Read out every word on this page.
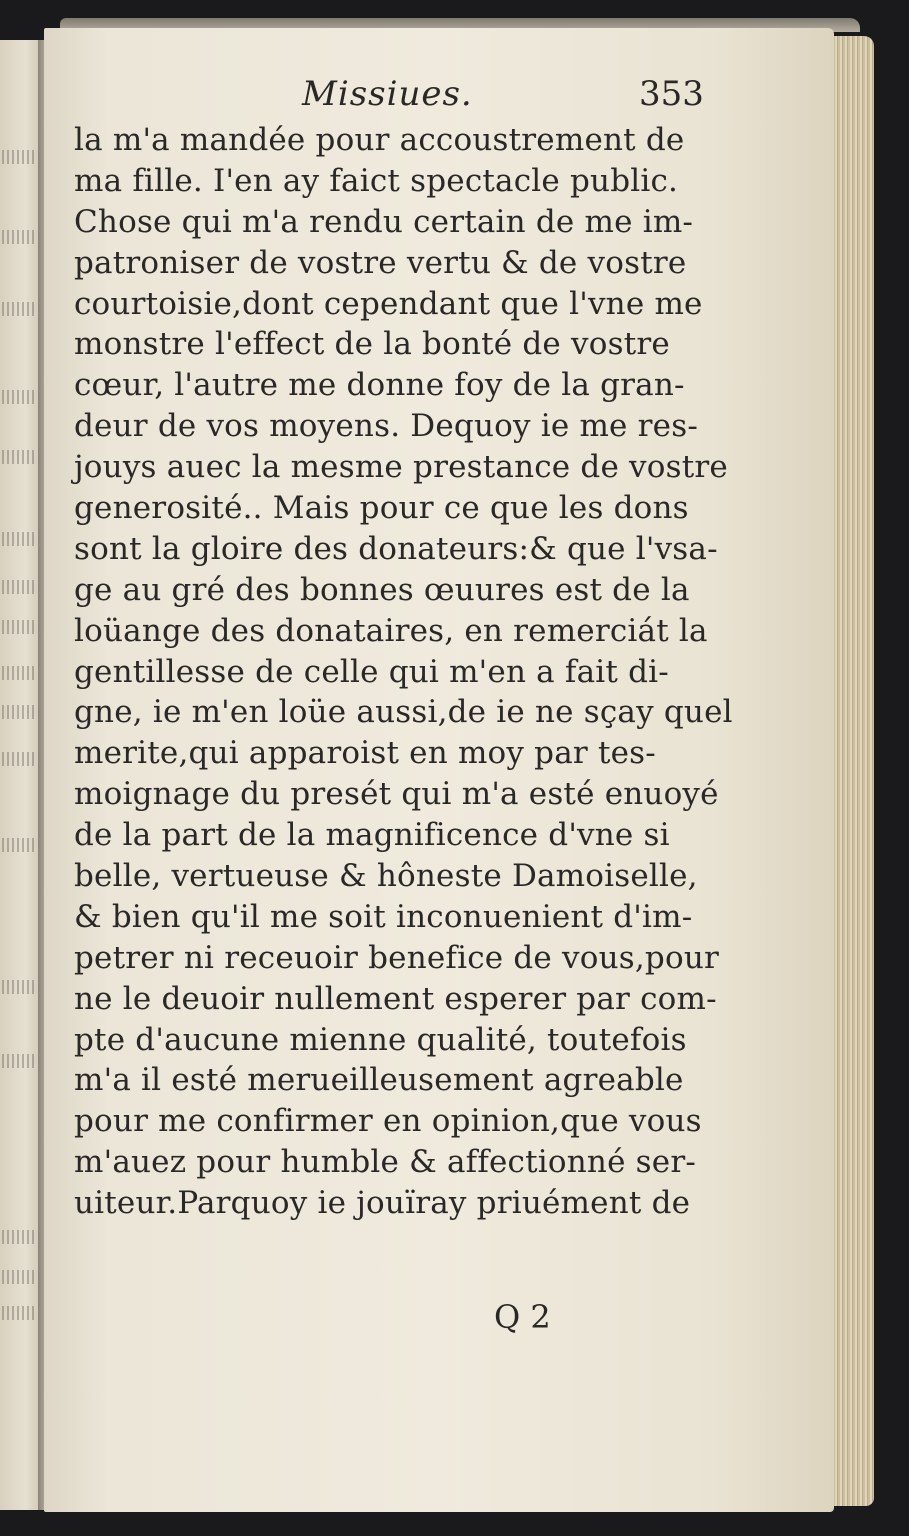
Missiues.	353
la m'a mandée pour accoustrement de
ma fille. I'en ay faict spectacle public.
Chose qui m'a rendu certain de me im-
patroniser de vostre vertu & de vostre
courtoisie,dont cependant que l'vne me
monstre l'effect de la bonté de vostre
cœur, l'autre me donne foy de la gran-
deur de vos moyens. Dequoy ie me res-
jouys auec la mesme prestance de vostre
generosité.. Mais pour ce que les dons
sont la gloire des donateurs:& que l'vsa-
ge au gré des bonnes œuures est de la
loüange des donataires, en remerciát la
gentillesse de celle qui m'en a fait di-
gne, ie m'en loüe aussi,de ie ne sçay quel
merite,qui apparoist en moy par tes-
moignage du presét qui m'a esté enuoyé
de la part de la magnificence d'vne si
belle, vertueuse & hôneste Damoiselle,
& bien qu'il me soit inconuenient d'im-
petrer ni receuoir benefice de vous,pour
ne le deuoir nullement esperer par com-
pte d'aucune mienne qualité, toutefois
m'a il esté merueilleusement agreable
pour me confirmer en opinion,que vous
m'auez pour humble & affectionné ser-
uiteur.Parquoy ie jouïray priuément de
Q 2
